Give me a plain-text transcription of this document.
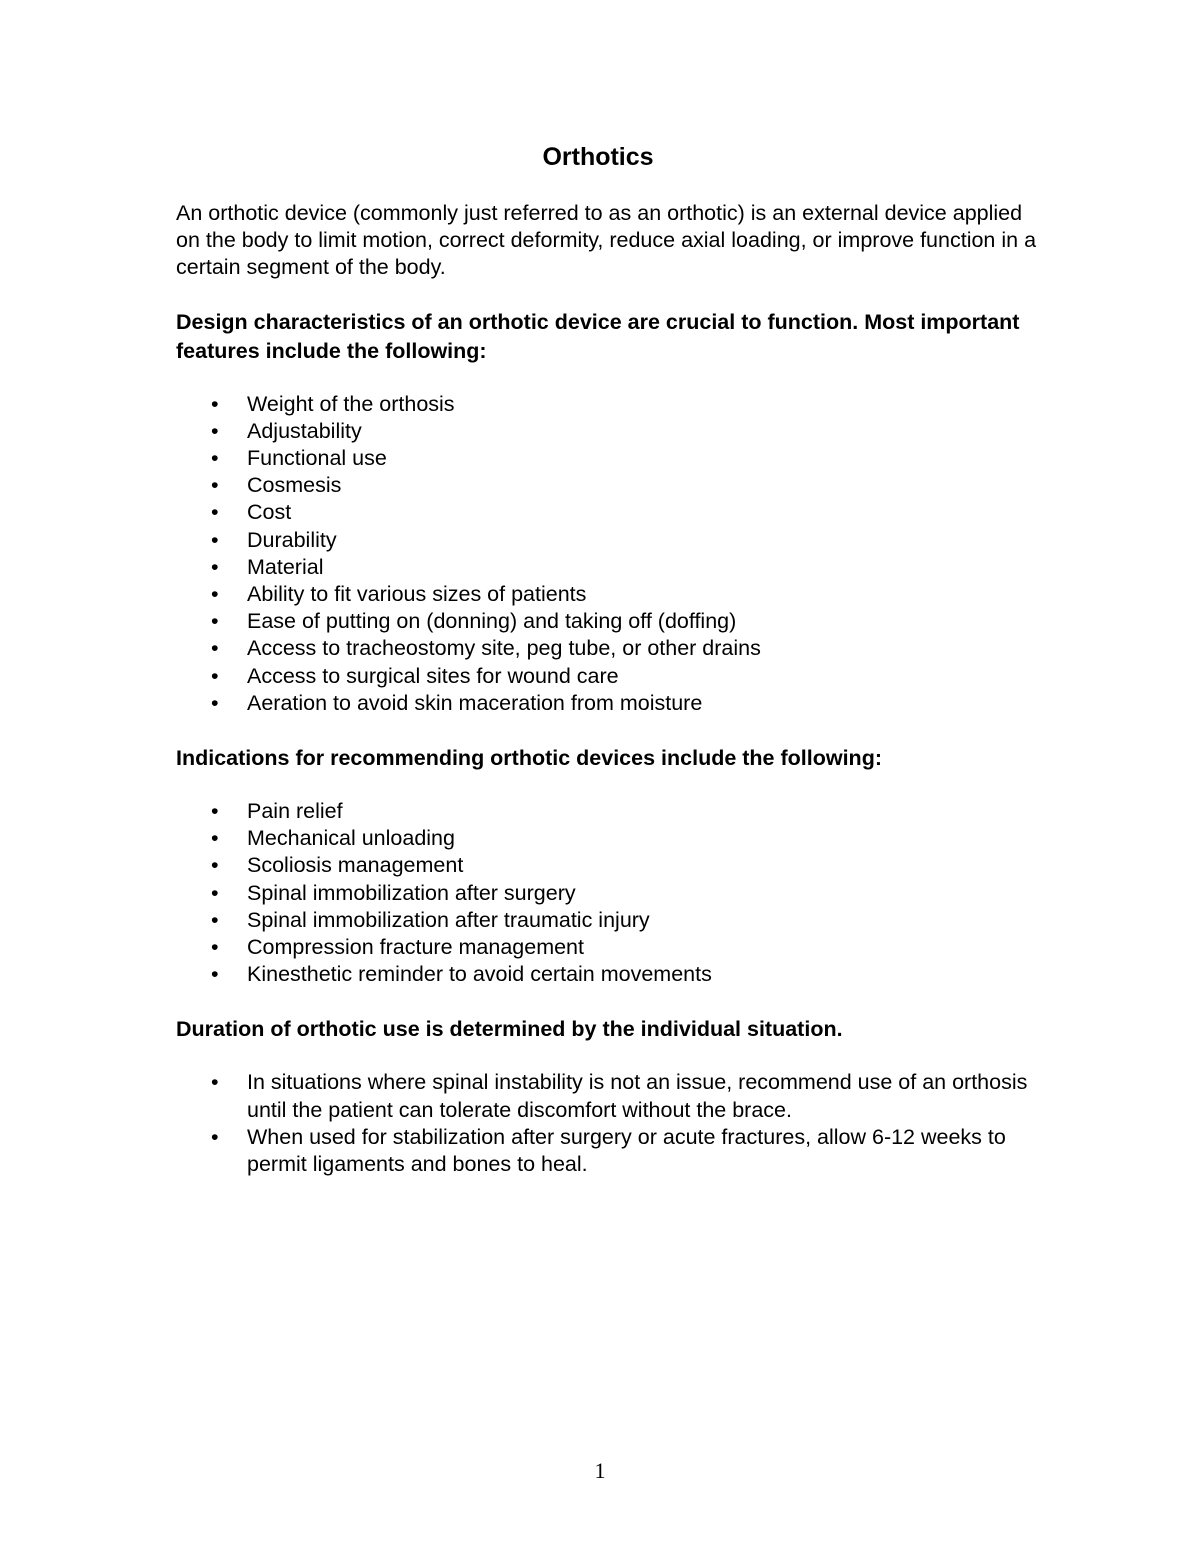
Orthotics

An orthotic device (commonly just referred to as an orthotic) is an external device applied on the body to limit motion, correct deformity, reduce axial loading, or improve function in a certain segment of the body.

Design characteristics of an orthotic device are crucial to function. Most important features include the following:

• Weight of the orthosis
• Adjustability
• Functional use
• Cosmesis
• Cost
• Durability
• Material
• Ability to fit various sizes of patients
• Ease of putting on (donning) and taking off (doffing)
• Access to tracheostomy site, peg tube, or other drains
• Access to surgical sites for wound care
• Aeration to avoid skin maceration from moisture

Indications for recommending orthotic devices include the following:

• Pain relief
• Mechanical unloading
• Scoliosis management
• Spinal immobilization after surgery
• Spinal immobilization after traumatic injury
• Compression fracture management
• Kinesthetic reminder to avoid certain movements

Duration of orthotic use is determined by the individual situation.

• In situations where spinal instability is not an issue, recommend use of an orthosis until the patient can tolerate discomfort without the brace.
• When used for stabilization after surgery or acute fractures, allow 6-12 weeks to permit ligaments and bones to heal.

1
